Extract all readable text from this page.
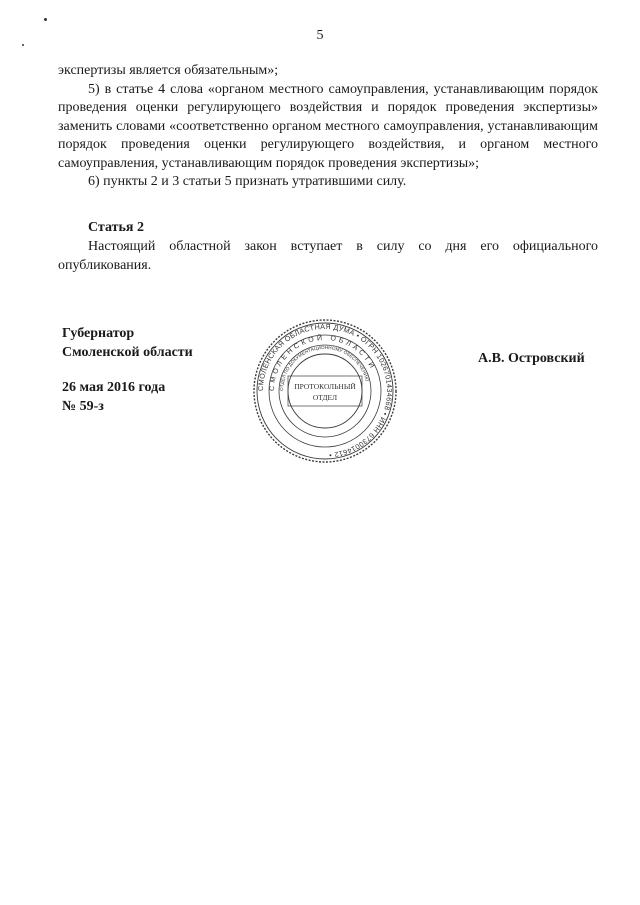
5

экспертизы является обязательным»;

5) в статье 4 слова «органом местного самоуправления, устанавливающим порядок проведения оценки регулирующего воздействия и порядок проведения экспертизы» заменить словами «соответственно органом местного самоуправления, устанавливающим порядок проведения оценки регулирующего воздействия, и органом местного самоуправления, устанавливающим порядок проведения экспертизы»;

6) пункты 2 и 3 статьи 5 признать утратившими силу.

Статья 2

Настоящий областной закон вступает в силу со дня его официального опубликования.

Губернатор
Смоленской области
26 мая 2016 года
№ 59-з
А.В. Островский
СМОЛЕНСКАЯ ОБЛАСТНАЯ ДУМА • ОГРН 1026701434668 • ИНН 6730014612 •
СМОЛЕНСКОЙ ОБЛАСТИ
ОТДЕЛ ПО ДОКУМЕНТАЦИОННОМУ ОБЕСПЕЧЕНИЮ
ПРОТОКОЛЬНЫЙ
ОТДЕЛ
